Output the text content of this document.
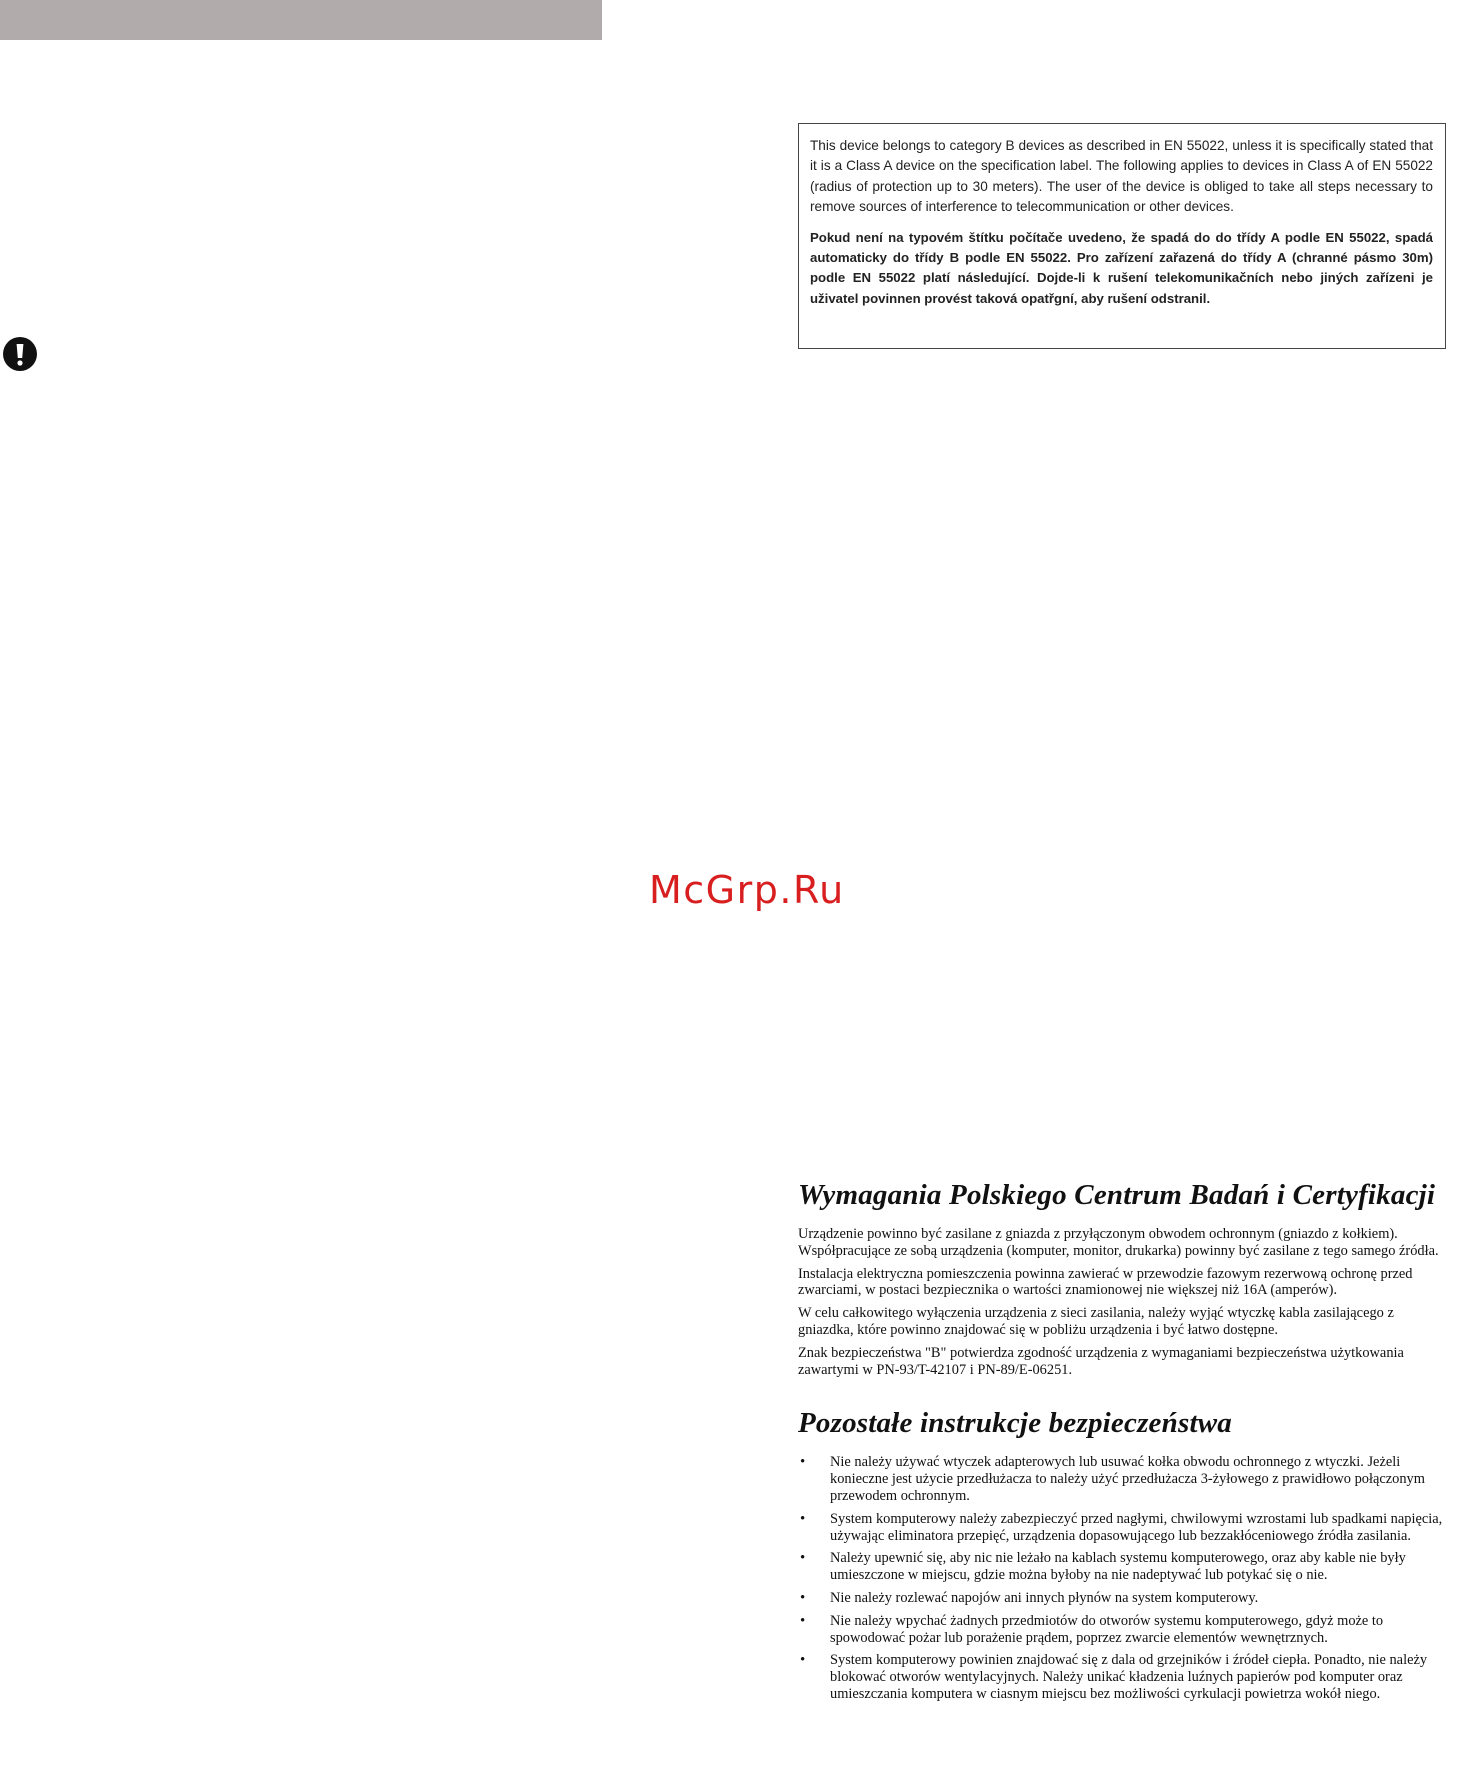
This device belongs to category B devices as described in EN 55022, unless it is specifically stated that it is a Class A device on the specification label. The following applies to devices in Class A of EN 55022 (radius of protection up to 30 meters). The user of the device is obliged to take all steps necessary to remove sources of interference to telecommunication or other devices.

Pokud není na typovém štítku počítače uvedeno, že spadá do do třídy A podle EN 55022, spadá automaticky do třídy B podle EN 55022. Pro zařízení zařazená do třídy A (chranné pásmo 30m) podle EN 55022 platí následující. Dojde-li k rušení telekomunikačních nebo jiných zařízeni je uživatel povinnen provést taková opatřgní, aby rušení odstranil.

McGrp.Ru
Wymagania Polskiego Centrum Badań i Certyfikacji

Urządzenie powinno być zasilane z gniazda z przyłączonym obwodem ochronnym (gniazdo z kołkiem). Współpracujące ze sobą urządzenia (komputer, monitor, drukarka) powinny być zasilane z tego samego źródła.

Instalacja elektryczna pomieszczenia powinna zawierać w przewodzie fazowym rezerwową ochronę przed zwarciami, w postaci bezpiecznika o wartości znamionowej nie większej niż 16A (amperów).

W celu całkowitego wyłączenia urządzenia z sieci zasilania, należy wyjąć wtyczkę kabla zasilającego z gniazdka, które powinno znajdować się w pobliżu urządzenia i być łatwo dostępne.

Znak bezpieczeństwa "B" potwierdza zgodność urządzenia z wymaganiami bezpieczeństwa użytkowania zawartymi w PN-93/T-42107 i PN-89/E-06251.

Pozostałe instrukcje bezpieczeństwa
• Nie należy używać wtyczek adapterowych lub usuwać kołka obwodu ochronnego z wtyczki. Jeżeli konieczne jest użycie przedłużacza to należy użyć przedłużacza 3-żyłowego z prawidłowo połączonym przewodem ochronnym.
• System komputerowy należy zabezpieczyć przed nagłymi, chwilowymi wzrostami lub spadkami napięcia, używając eliminatora przepięć, urządzenia dopasowującego lub bezzakłóceniowego źródła zasilania.
• Należy upewnić się, aby nic nie leżało na kablach systemu komputerowego, oraz aby kable nie były umieszczone w miejscu, gdzie można byłoby na nie nadeptywać lub potykać się o nie.
• Nie należy rozlewać napojów ani innych płynów na system komputerowy.
• Nie należy wpychać żadnych przedmiotów do otworów systemu komputerowego, gdyż może to spowodować pożar lub porażenie prądem, poprzez zwarcie elementów wewnętrznych.
• System komputerowy powinien znajdować się z dala od grzejników i źródeł ciepła. Ponadto, nie należy blokować otworów wentylacyjnych. Należy unikać kładzenia luźnych papierów pod komputer oraz umieszczania komputera w ciasnym miejscu bez możliwości cyrkulacji powietrza wokół niego.
